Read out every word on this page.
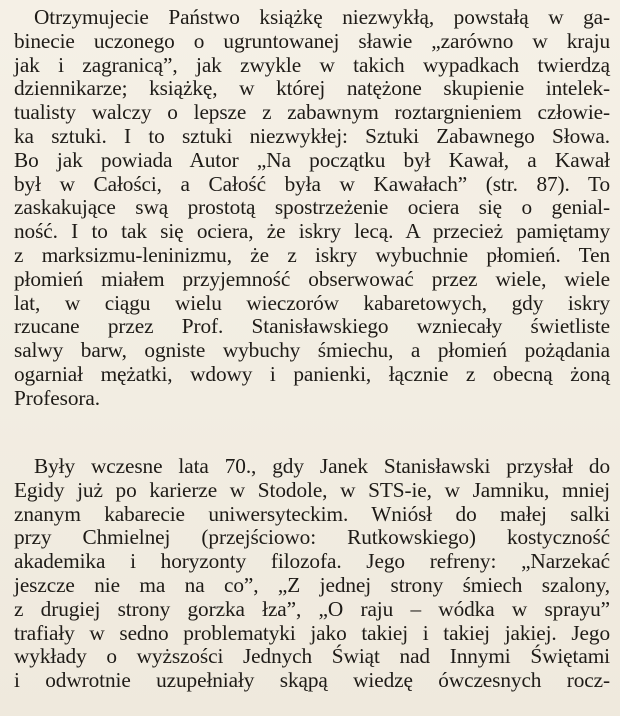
Otrzymujecie Państwo książkę niezwykłą, powstałą w ga-
binecie uczonego o ugruntowanej sławie „zarówno w kraju
jak i zagranicą”, jak zwykle w takich wypadkach twierdzą
dziennikarze; książkę, w której natężone skupienie intelek-
tualisty walczy o lepsze z zabawnym roztargnieniem człowie-
ka sztuki. I to sztuki niezwykłej: Sztuki Zabawnego Słowa.
Bo jak powiada Autor „Na początku był Kawał, a Kawał
był w Całości, a Całość była w Kawałach” (str. 87). To
zaskakujące swą prostotą spostrzeżenie ociera się o genial-
ność. I to tak się ociera, że iskry lecą. A przecież pamiętamy
z marksizmu-leninizmu, że z iskry wybuchnie płomień. Ten
płomień miałem przyjemność obserwować przez wiele, wiele
lat, w ciągu wielu wieczorów kabaretowych, gdy iskry
rzucane przez Prof. Stanisławskiego wzniecały świetliste
salwy barw, ogniste wybuchy śmiechu, a płomień pożądania
ogarniał mężatki, wdowy i panienki, łącznie z obecną żoną
Profesora.
Były wczesne lata 70., gdy Janek Stanisławski przysłał do
Egidy już po karierze w Stodole, w STS-ie, w Jamniku, mniej
znanym kabarecie uniwersyteckim. Wniósł do małej salki
przy Chmielnej (przejściowo: Rutkowskiego) kostyczność
akademika i horyzonty filozofa. Jego refreny: „Narzekać
jeszcze nie ma na co”, „Z jednej strony śmiech szalony,
z drugiej strony gorzka łza”, „O raju – wódka w sprayu”
trafiały w sedno problematyki jako takiej i takiej jakiej. Jego
wykłady o wyższości Jednych Świąt nad Innymi Świętami
i odwrotnie uzupełniały skąpą wiedzę ówczesnych rocz-
